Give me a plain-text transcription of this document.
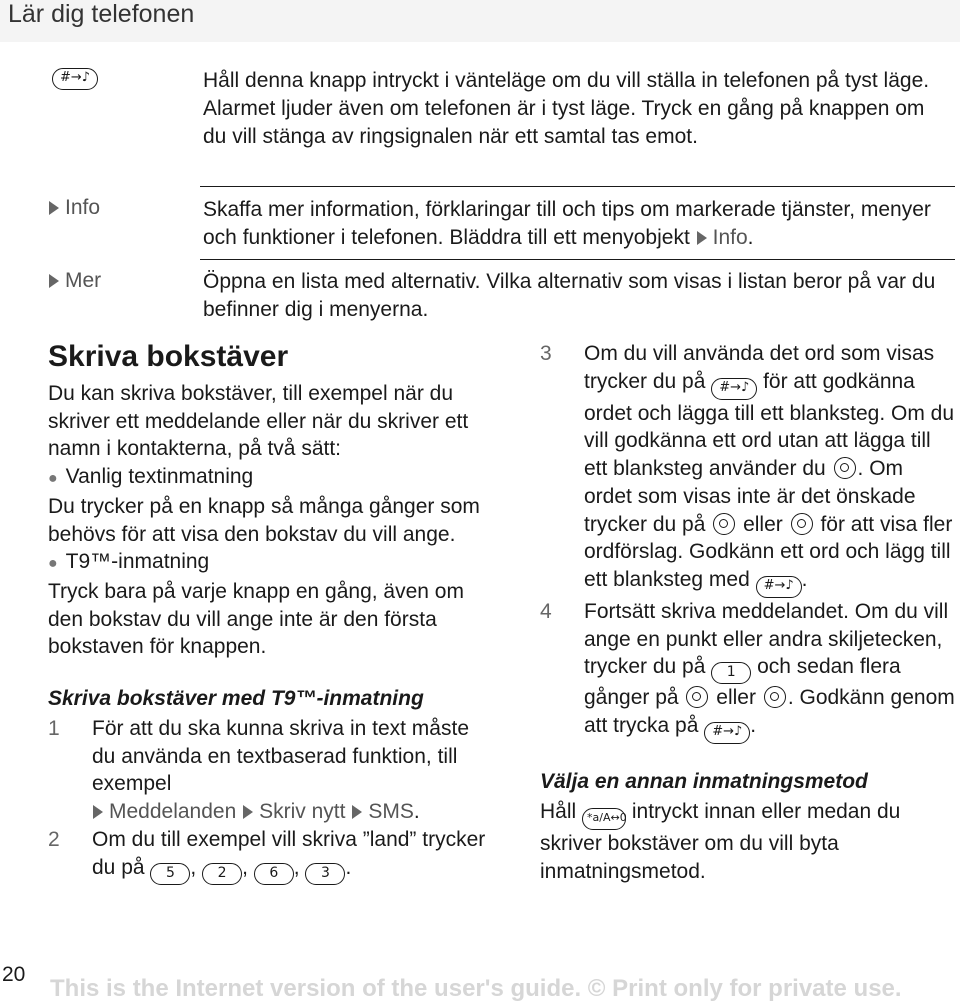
Lär dig telefonen
#→♪	Håll denna knapp intryckt i vänteläge om du vill ställa in telefonen på tyst läge. Alarmet ljuder även om telefonen är i tyst läge. Tryck en gång på knappen om du vill stänga av ringsignalen när ett samtal tas emot.
Info	Skaffa mer information, förklaringar till och tips om markerade tjänster, menyer och funktioner i telefonen. Bläddra till ett menyobjekt Info.
Mer	Öppna en lista med alternativ. Vilka alternativ som visas i listan beror på var du befinner dig i menyerna.
Skriva bokstäver

Du kan skriva bokstäver, till exempel när du skriver ett meddelande eller när du skriver ett namn i kontakterna, på två sätt:

● Vanlig textinmatning

Du trycker på en knapp så många gånger som behövs för att visa den bokstav du vill ange.

● T9™-inmatning

Tryck bara på varje knapp en gång, även om den bokstav du vill ange inte är den första bokstaven för knappen.

Skriva bokstäver med T9™-inmatning
1 För att du ska kunna skriva in text måste du använda en textbaserad funktion, till exempel
Meddelanden Skriv nytt SMS.
2 Om du till exempel vill skriva ”land” trycker du på 5 , 2 , 6 , 3 .
3 Om du vill använda det ord som visas trycker du på #→♪ för att godkänna ordet och lägga till ett blanksteg. Om du vill godkänna ett ord utan att lägga till ett blanksteg använder du . Om ordet som visas inte är det önskade trycker du på eller för att visa fler ordförslag. Godkänn ett ord och lägg till ett blanksteg med #→♪ .
4 Fortsätt skriva meddelandet. Om du vill ange en punkt eller andra skiljetecken, trycker du på 1 och sedan flera gånger på eller . Godkänn genom att trycka på #→♪ .
Välja en annan inmatningsmetod

Håll *a/A↔0 intryckt innan eller medan du skriver bokstäver om du vill byta inmatningsmetod.

20
This is the Internet version of the user's guide. © Print only for private use.
